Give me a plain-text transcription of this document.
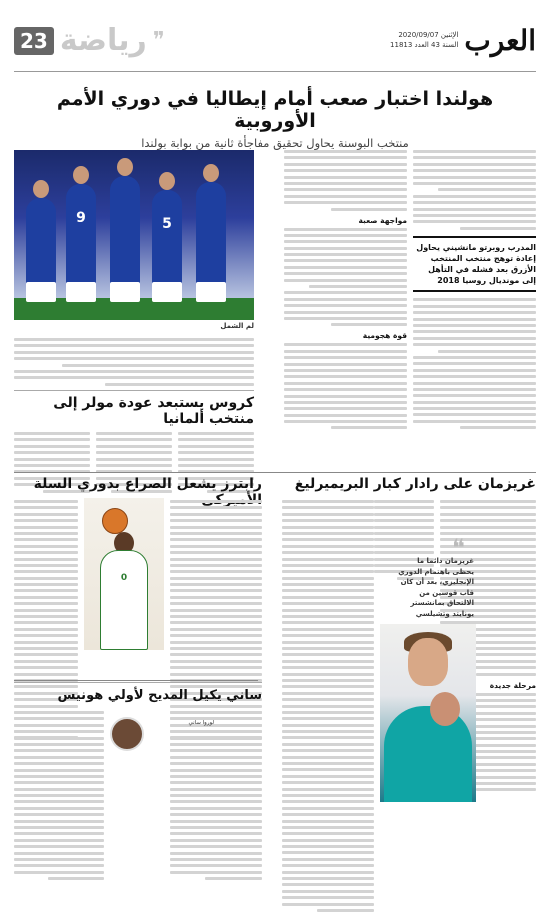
العرب
الإثنين 2020/09/07
السنة 43 العدد 11813
❞
رياضة
23
هولندا اختبار صعب أمام إيطاليا في دوري الأمم الأوروبية
منتخب البوسنة يحاول تحقيق مفاجأة ثانية من بوابة بولندا
9	5
لم الشمل
المدرب روبرتو مانشيني يحاول إعادة توهج منتخب المنتخب الأزرق بعد فشله في التأهل إلى مونديال روسيا 2018
مواجهة صعبة
قوة هجومية
كروس يستبعد عودة مولر إلى منتخب ألمانيا
غريزمان على رادار كبار البريميرليغ
مرحلة جديدة
❝
غريزمان دائما ما يحظى باهتمام الدوري الإنجليزي، بعد أن كان قاب قوسين من الالتحاق بمانشستر يونايتد وتشيلسي
رابترز يشعل الصراع بدوري السلة
0
ساني يكيل المديح لأولي هونيس
لوروا ساني
